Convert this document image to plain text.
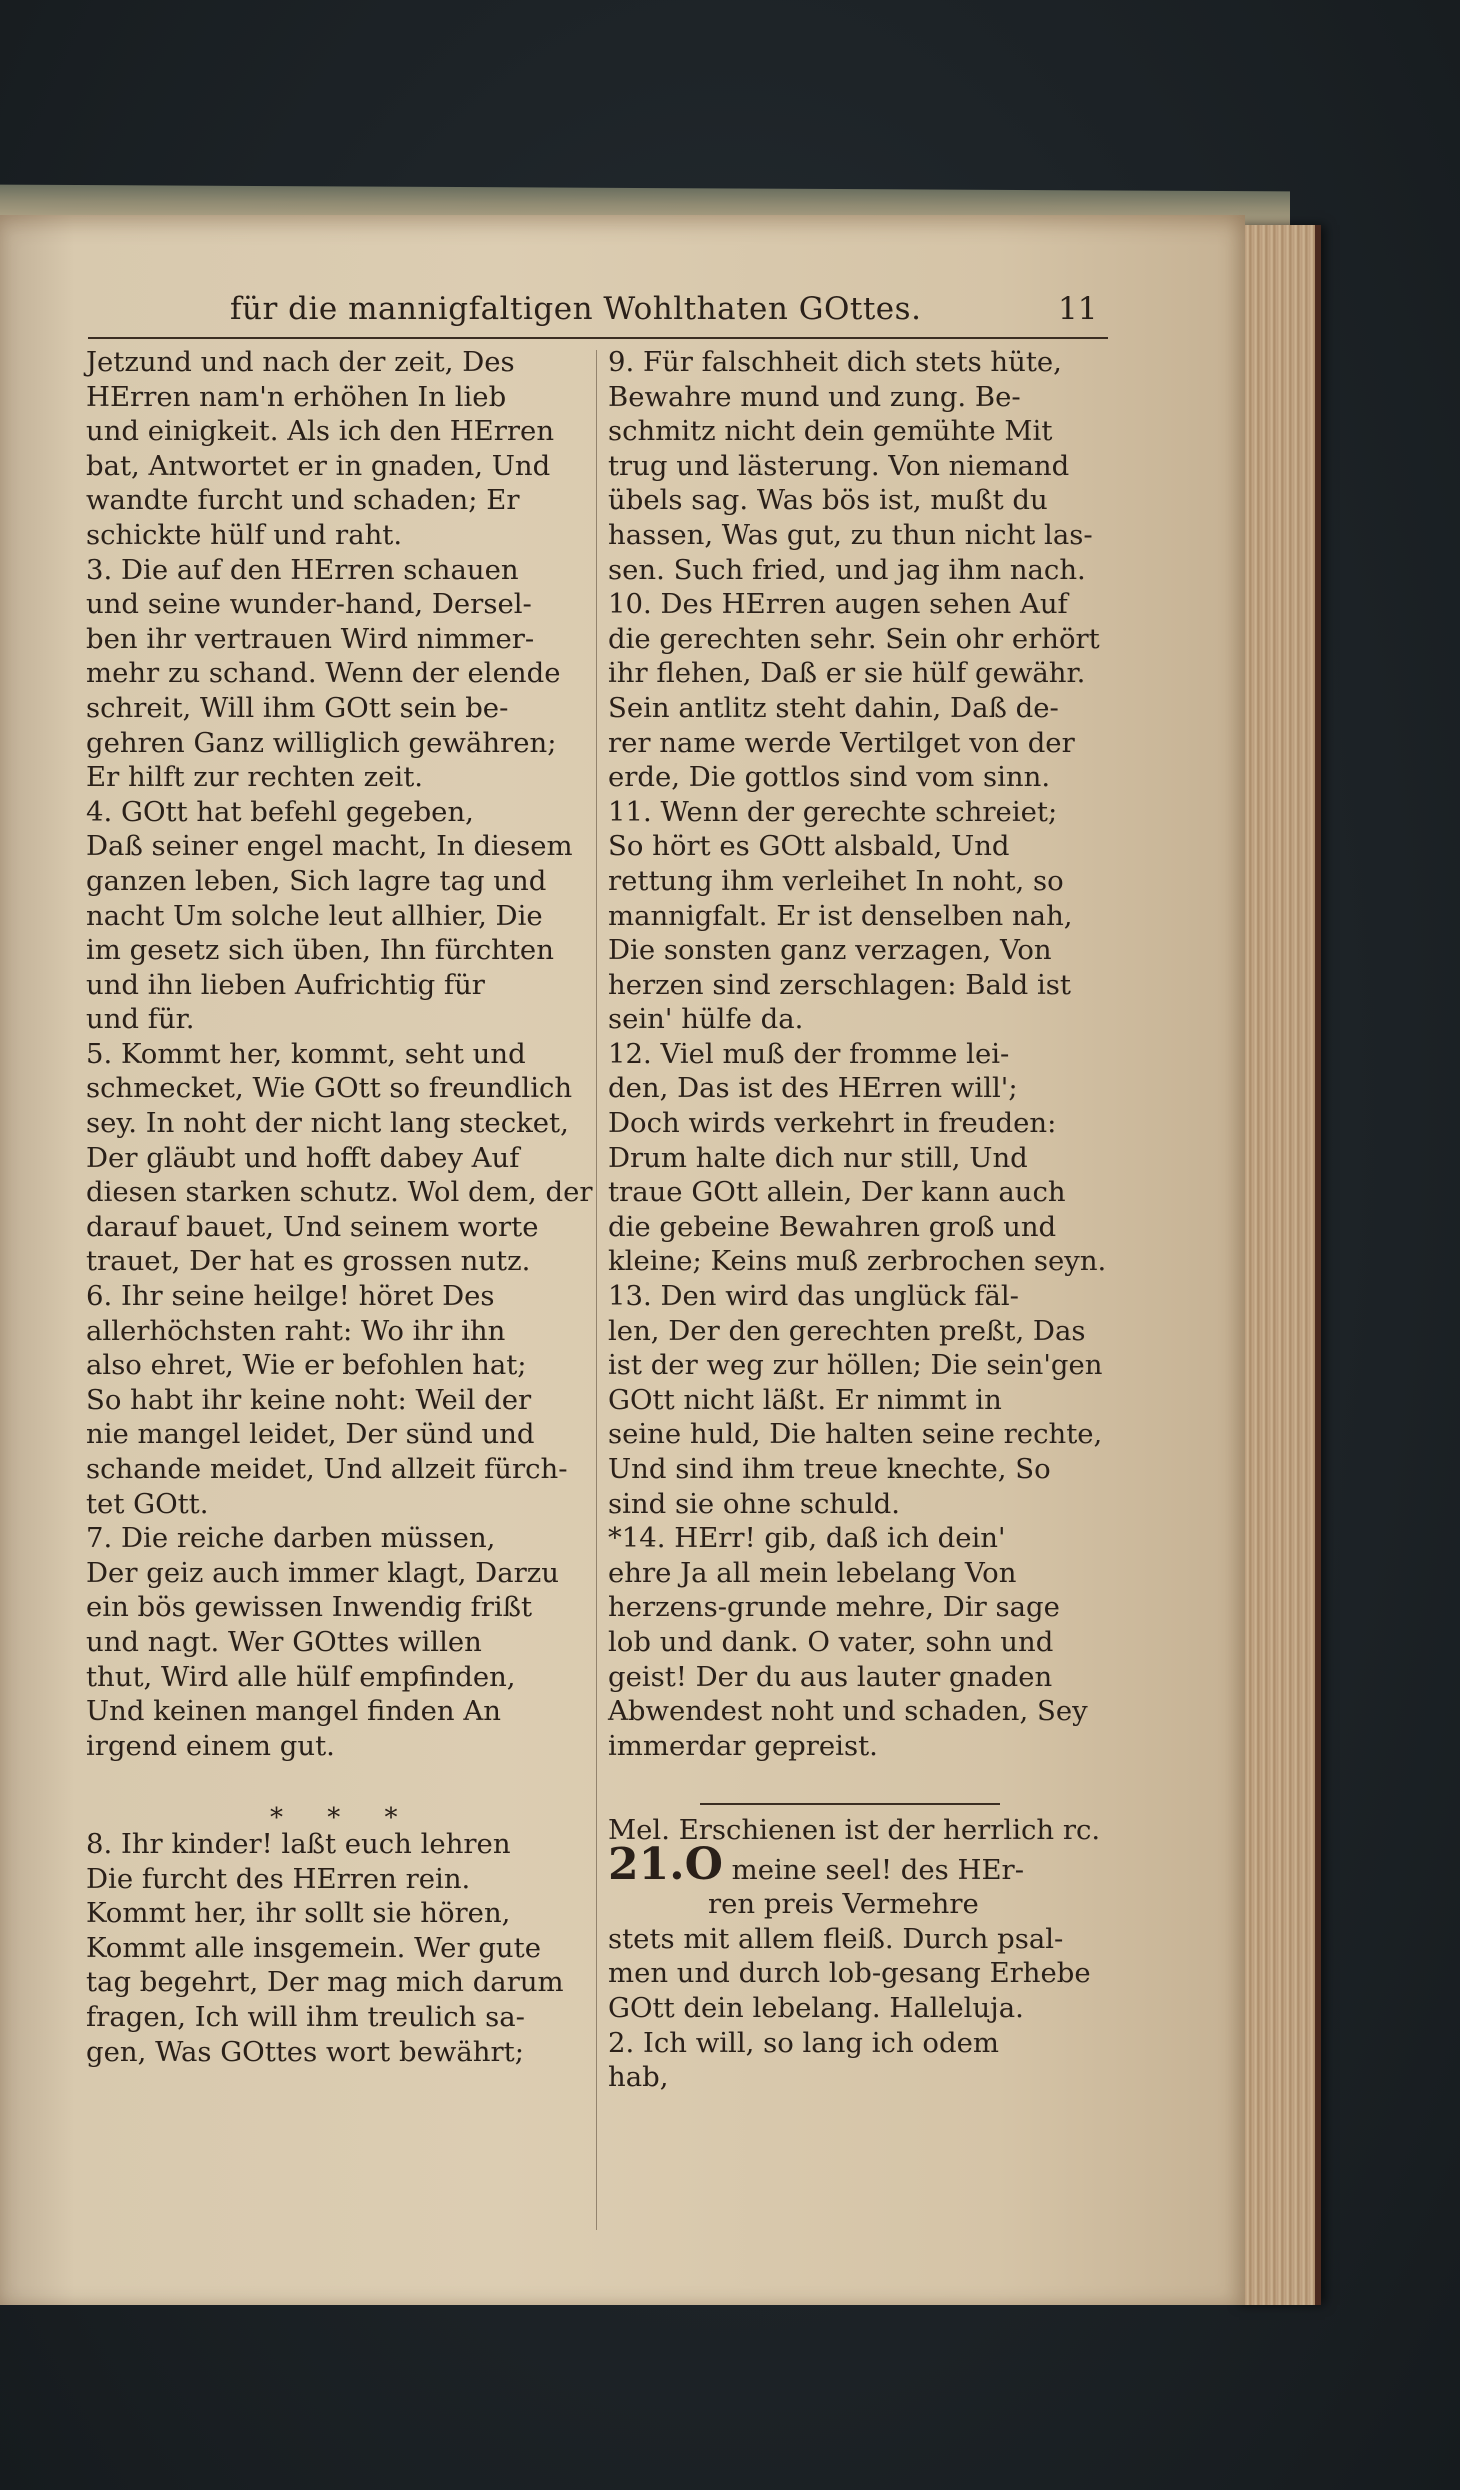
für die mannigfaltigen Wohlthaten GOttes.	11
Jetzund und nach der zeit, Des
HErren nam'n erhöhen In lieb
und einigkeit. Als ich den HErren
bat, Antwortet er in gnaden, Und
wandte furcht und schaden; Er
schickte hülf und raht.
3. Die auf den HErren schauen
und seine wunder-hand, Dersel-
ben ihr vertrauen Wird nimmer-
mehr zu schand. Wenn der elende
schreit, Will ihm GOtt sein be-
gehren Ganz williglich gewähren;
Er hilft zur rechten zeit.
4. GOtt hat befehl gegeben,
Daß seiner engel macht, In diesem
ganzen leben, Sich lagre tag und
nacht Um solche leut allhier, Die
im gesetz sich üben, Ihn fürchten
und ihn lieben Aufrichtig für
und für.
5. Kommt her, kommt, seht und
schmecket, Wie GOtt so freundlich
sey. In noht der nicht lang stecket,
Der gläubt und hofft dabey Auf
diesen starken schutz. Wol dem, der
darauf bauet, Und seinem worte
trauet, Der hat es grossen nutz.
6. Ihr seine heilge! höret Des
allerhöchsten raht: Wo ihr ihn
also ehret, Wie er befohlen hat;
So habt ihr keine noht: Weil der
nie mangel leidet, Der sünd und
schande meidet, Und allzeit fürch-
tet GOtt.
7. Die reiche darben müssen,
Der geiz auch immer klagt, Darzu
ein bös gewissen Inwendig frißt
und nagt. Wer GOttes willen
thut, Wird alle hülf empfinden,
Und keinen mangel finden An
irgend einem gut.
* * *
8. Ihr kinder! laßt euch lehren
Die furcht des HErren rein.
Kommt her, ihr sollt sie hören,
Kommt alle insgemein. Wer gute
tag begehrt, Der mag mich darum
fragen, Ich will ihm treulich sa-
gen, Was GOttes wort bewährt;
9. Für falschheit dich stets hüte,
Bewahre mund und zung. Be-
schmitz nicht dein gemühte Mit
trug und lästerung. Von niemand
übels sag. Was bös ist, mußt du
hassen, Was gut, zu thun nicht las-
sen. Such fried, und jag ihm nach.
10. Des HErren augen sehen Auf
die gerechten sehr. Sein ohr erhört
ihr flehen, Daß er sie hülf gewähr.
Sein antlitz steht dahin, Daß de-
rer name werde Vertilget von der
erde, Die gottlos sind vom sinn.
11. Wenn der gerechte schreiet;
So hört es GOtt alsbald, Und
rettung ihm verleihet In noht, so
mannigfalt. Er ist denselben nah,
Die sonsten ganz verzagen, Von
herzen sind zerschlagen: Bald ist
sein' hülfe da.
12. Viel muß der fromme lei-
den, Das ist des HErren will';
Doch wirds verkehrt in freuden:
Drum halte dich nur still, Und
traue GOtt allein, Der kann auch
die gebeine Bewahren groß und
kleine; Keins muß zerbrochen seyn.
13. Den wird das unglück fäl-
len, Der den gerechten preßt, Das
ist der weg zur höllen; Die sein'gen
GOtt nicht läßt. Er nimmt in
seine huld, Die halten seine rechte,
Und sind ihm treue knechte, So
sind sie ohne schuld.
*14. HErr! gib, daß ich dein'
ehre Ja all mein lebelang Von
herzens-grunde mehre, Dir sage
lob und dank. O vater, sohn und
geist! Der du aus lauter gnaden
Abwendest noht und schaden, Sey
immerdar gepreist.
Mel. Erschienen ist der herrlich rc.
21.O meine seel! des HEr-
ren preis Vermehre
stets mit allem fleiß. Durch psal-
men und durch lob-gesang Erhebe
GOtt dein lebelang. Halleluja.
2. Ich will, so lang ich odem
hab,
